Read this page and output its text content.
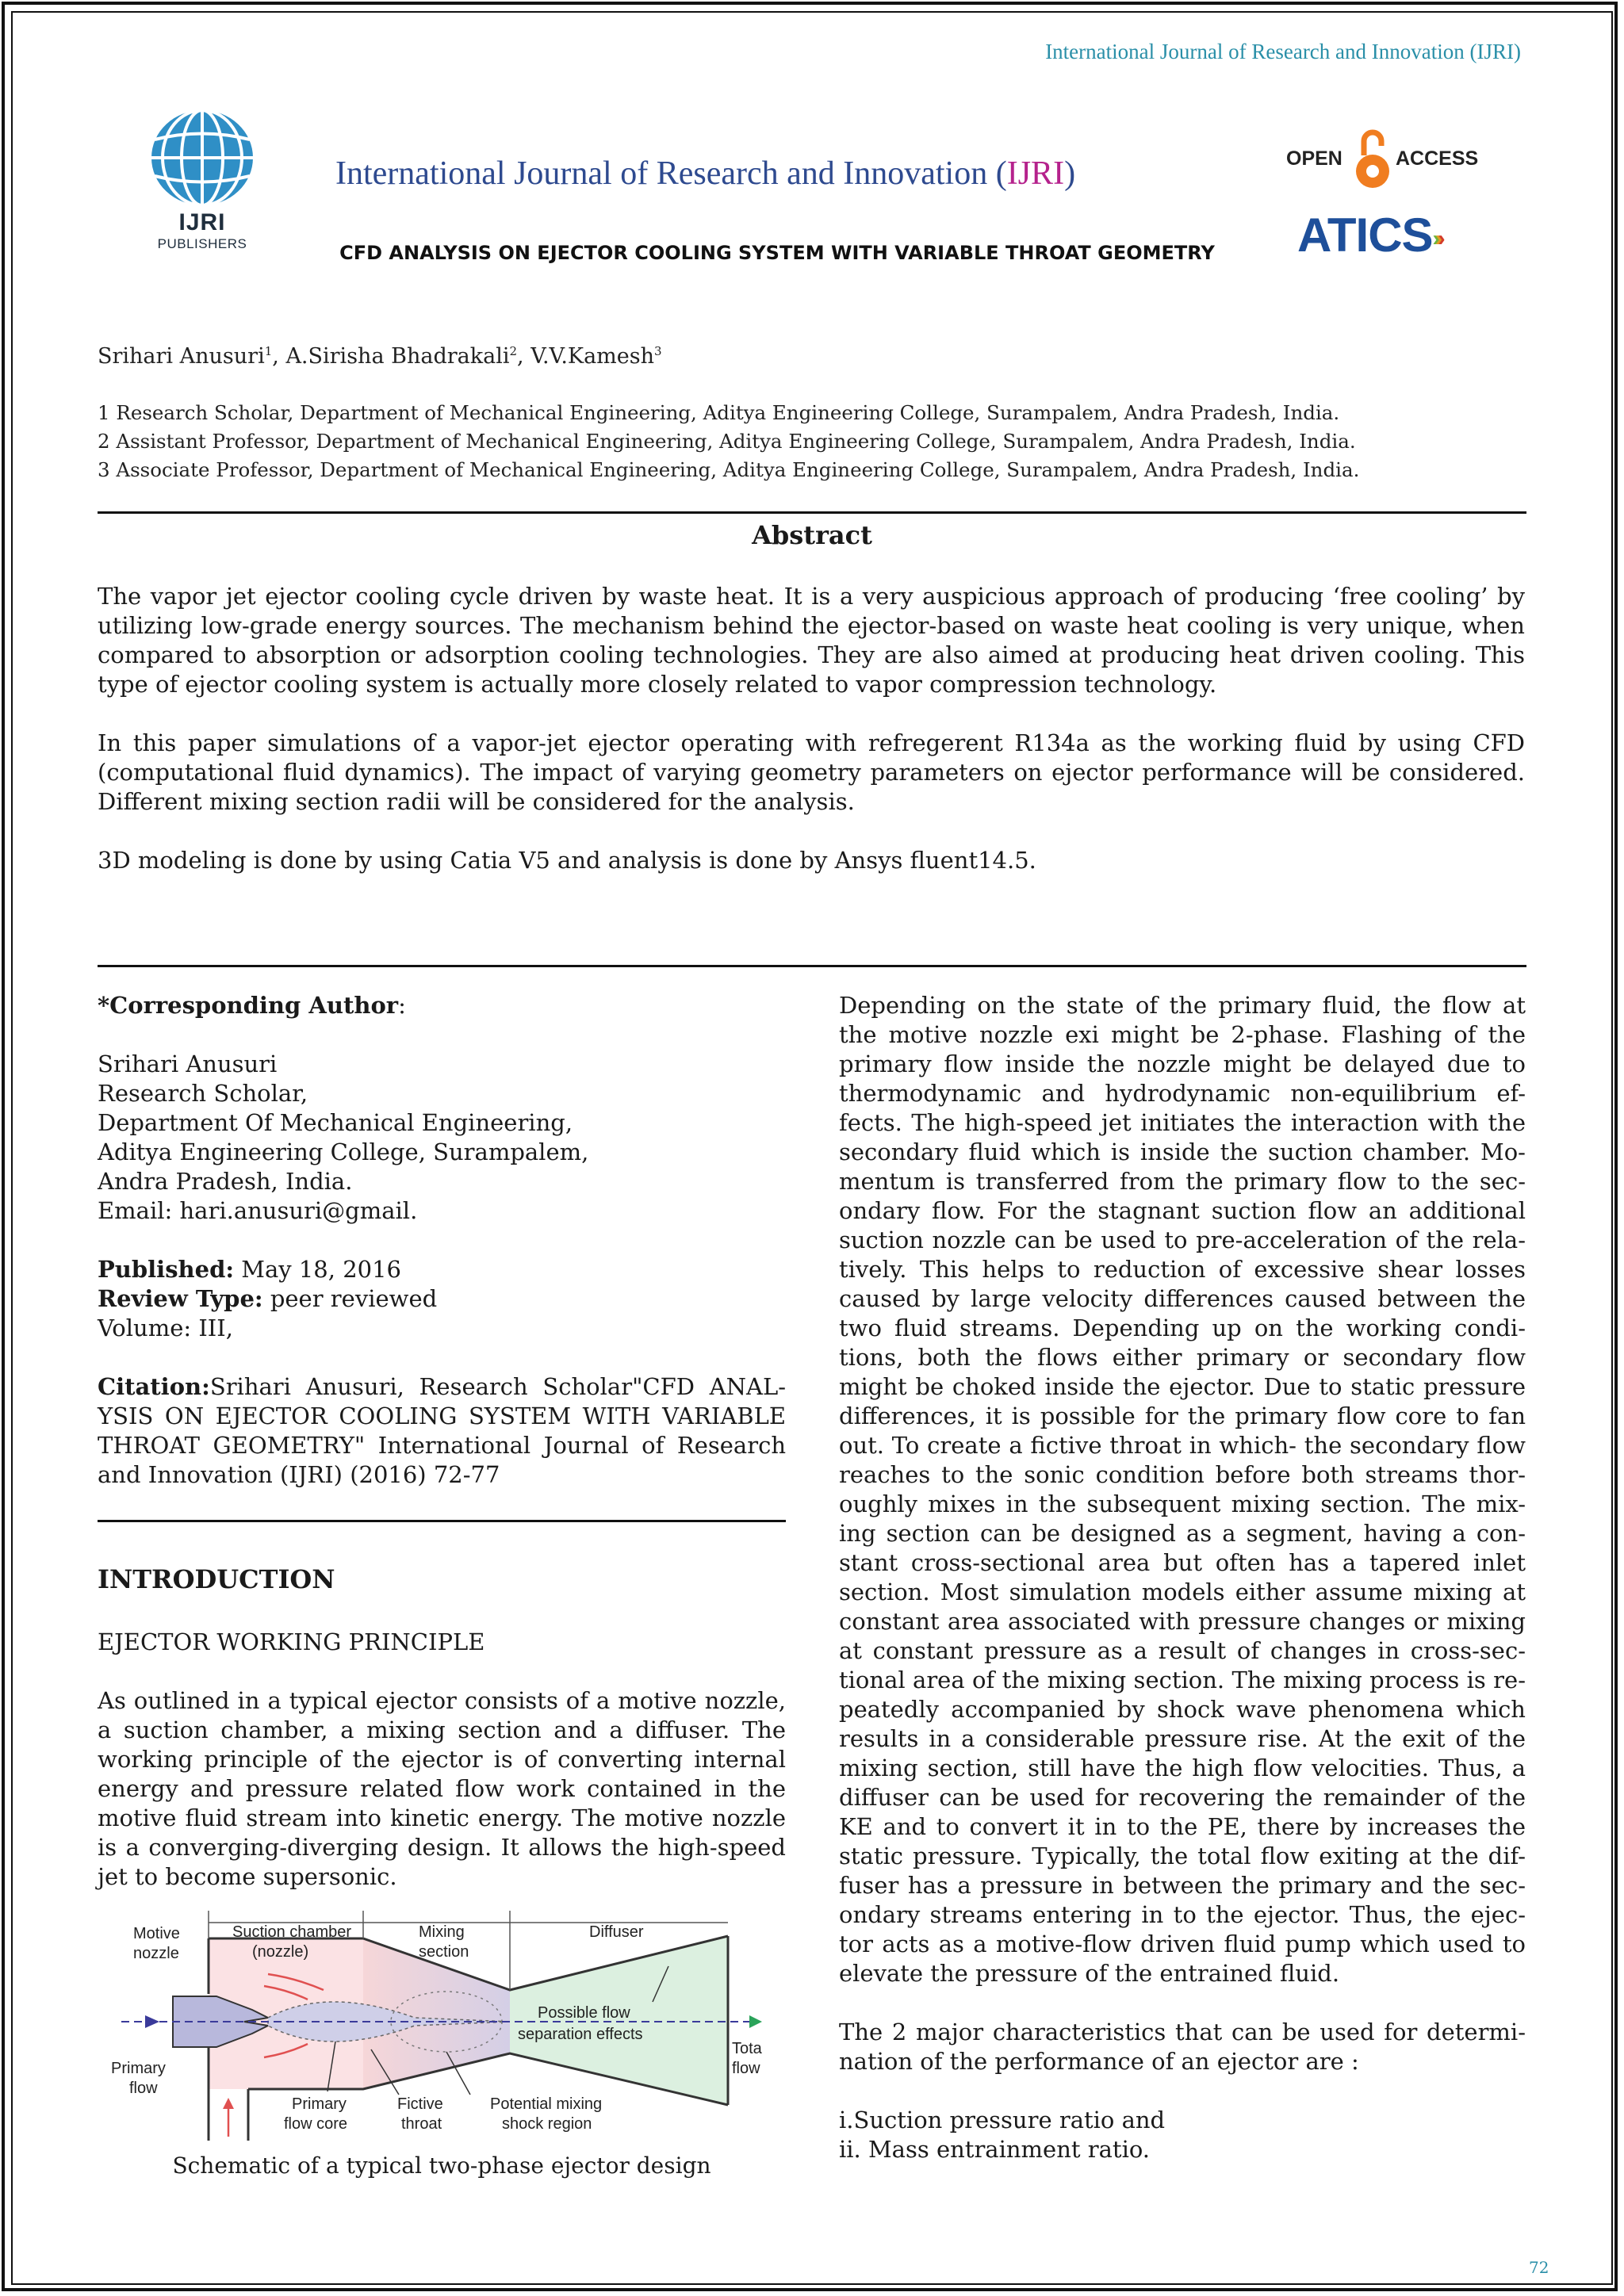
International Journal of Research and Innovation (IJRI)
IJRI
PUBLISHERS
International Journal of Research and Innovation (IJRI)	OPEN	ACCESS
ATICS›››
CFD ANALYSIS ON EJECTOR COOLING SYSTEM WITH VARIABLE THROAT GEOMETRY
Srihari Anusuri$^1$, A.Sirisha Bhadrakali$^2$, V.V.Kamesh$^3$
1 Research Scholar, Department of Mechanical Engineering, Aditya Engineering College, Surampalem, Andra Pradesh, India.
2 Assistant Professor, Department of Mechanical Engineering, Aditya Engineering College, Surampalem, Andra Pradesh, India.
3 Associate Professor, Department of Mechanical Engineering, Aditya Engineering College, Surampalem, Andra Pradesh, India.
Abstract

The vapor jet ejector cooling cycle driven by waste heat. It is a very auspicious approach of producing ‘free cooling’ by utilizing low-grade energy sources. The mechanism behind the ejector-based on waste heat cooling is very unique, when compared to absorption or adsorption cooling technologies. They are also aimed at producing heat driven cooling. This type of ejector cooling system is actually more closely related to vapor compression technology.

In this paper simulations of a vapor-jet ejector operating with refregerent R134a as the working fluid by using CFD (computational fluid dynamics). The impact of varying geometry parameters on ejector performance will be considered. Different mixing section radii will be considered for the analysis.

3D modeling is done by using Catia V5 and analysis is done by Ansys fluent14.5.

*Corresponding Author:

Srihari Anusuri

Research Scholar,

Department Of Mechanical Engineering,

Aditya Engineering College, Surampalem,

Andra Pradesh, India.

Email: hari.anusuri@gmail.

Published: May 18, 2016

Review Type: peer reviewed

Volume: III,

Citation:Srihari Anusuri, Research Scholar"CFD ANAL-YSIS ON EJECTOR COOLING SYSTEM WITH VARIABLE THROAT GEOMETRY" International Journal of Research and Innovation (IJRI) (2016) 72-77

INTRODUCTION
EJECTOR WORKING PRINCIPLE
As outlined in a typical ejector consists of a motive nozzle, a suction chamber, a mixing section and a diffuser. The working principle of the ejector is of converting internal energy and pressure related flow work contained in the motive fluid stream into kinetic energy. The motive nozzle is a converging-diverging design. It allows the high-speed jet to become supersonic.
Motive
nozzle
Suction chamber
(nozzle)
Mixing
section
Diffuser
Possible flow
separation effects
Primary
flow
Primary
flow core
Fictive
throat
Potential mixing
shock region
Tota
flow
Schematic of a typical two-phase ejector design

Depending on the state of the primary fluid, the flow at the motive nozzle exi might be 2-phase. Flashing of the primary flow inside the nozzle might be delayed due to thermodynamic and hydrodynamic non-equilibrium ef-fects. The high-speed jet initiates the interaction with the secondary fluid which is inside the suction chamber. Mo-mentum is transferred from the primary flow to the sec-ondary flow. For the stagnant suction flow an additional suction nozzle can be used to pre-acceleration of the rela-tively. This helps to reduction of excessive shear losses caused by large velocity differences caused between the two fluid streams. Depending up on the working condi-tions, both the flows either primary or secondary flow might be choked inside the ejector. Due to static pressure differences, it is possible for the primary flow core to fan out. To create a fictive throat in which- the secondary flow reaches to the sonic condition before both streams thor-oughly mixes in the subsequent mixing section. The mix-ing section can be designed as a segment, having a con-stant cross-sectional area but often has a tapered inlet section. Most simulation models either assume mixing at constant area associated with pressure changes or mixing at constant pressure as a result of changes in cross-sec-tional area of the mixing section. The mixing process is re-peatedly accompanied by shock wave phenomena which results in a considerable pressure rise. At the exit of the mixing section, still have the high flow velocities. Thus, a diffuser can be used for recovering the remainder of the KE and to convert it in to the PE, there by increases the static pressure. Typically, the total flow exiting at the dif-fuser has a pressure in between the primary and the sec-ondary streams entering in to the ejector. Thus, the ejec-tor acts as a motive-flow driven fluid pump which used to elevate the pressure of the entrained fluid.

The 2 major characteristics that can be used for determi-nation of the performance of an ejector are :

i.Suction pressure ratio and

ii. Mass entrainment ratio.

72
